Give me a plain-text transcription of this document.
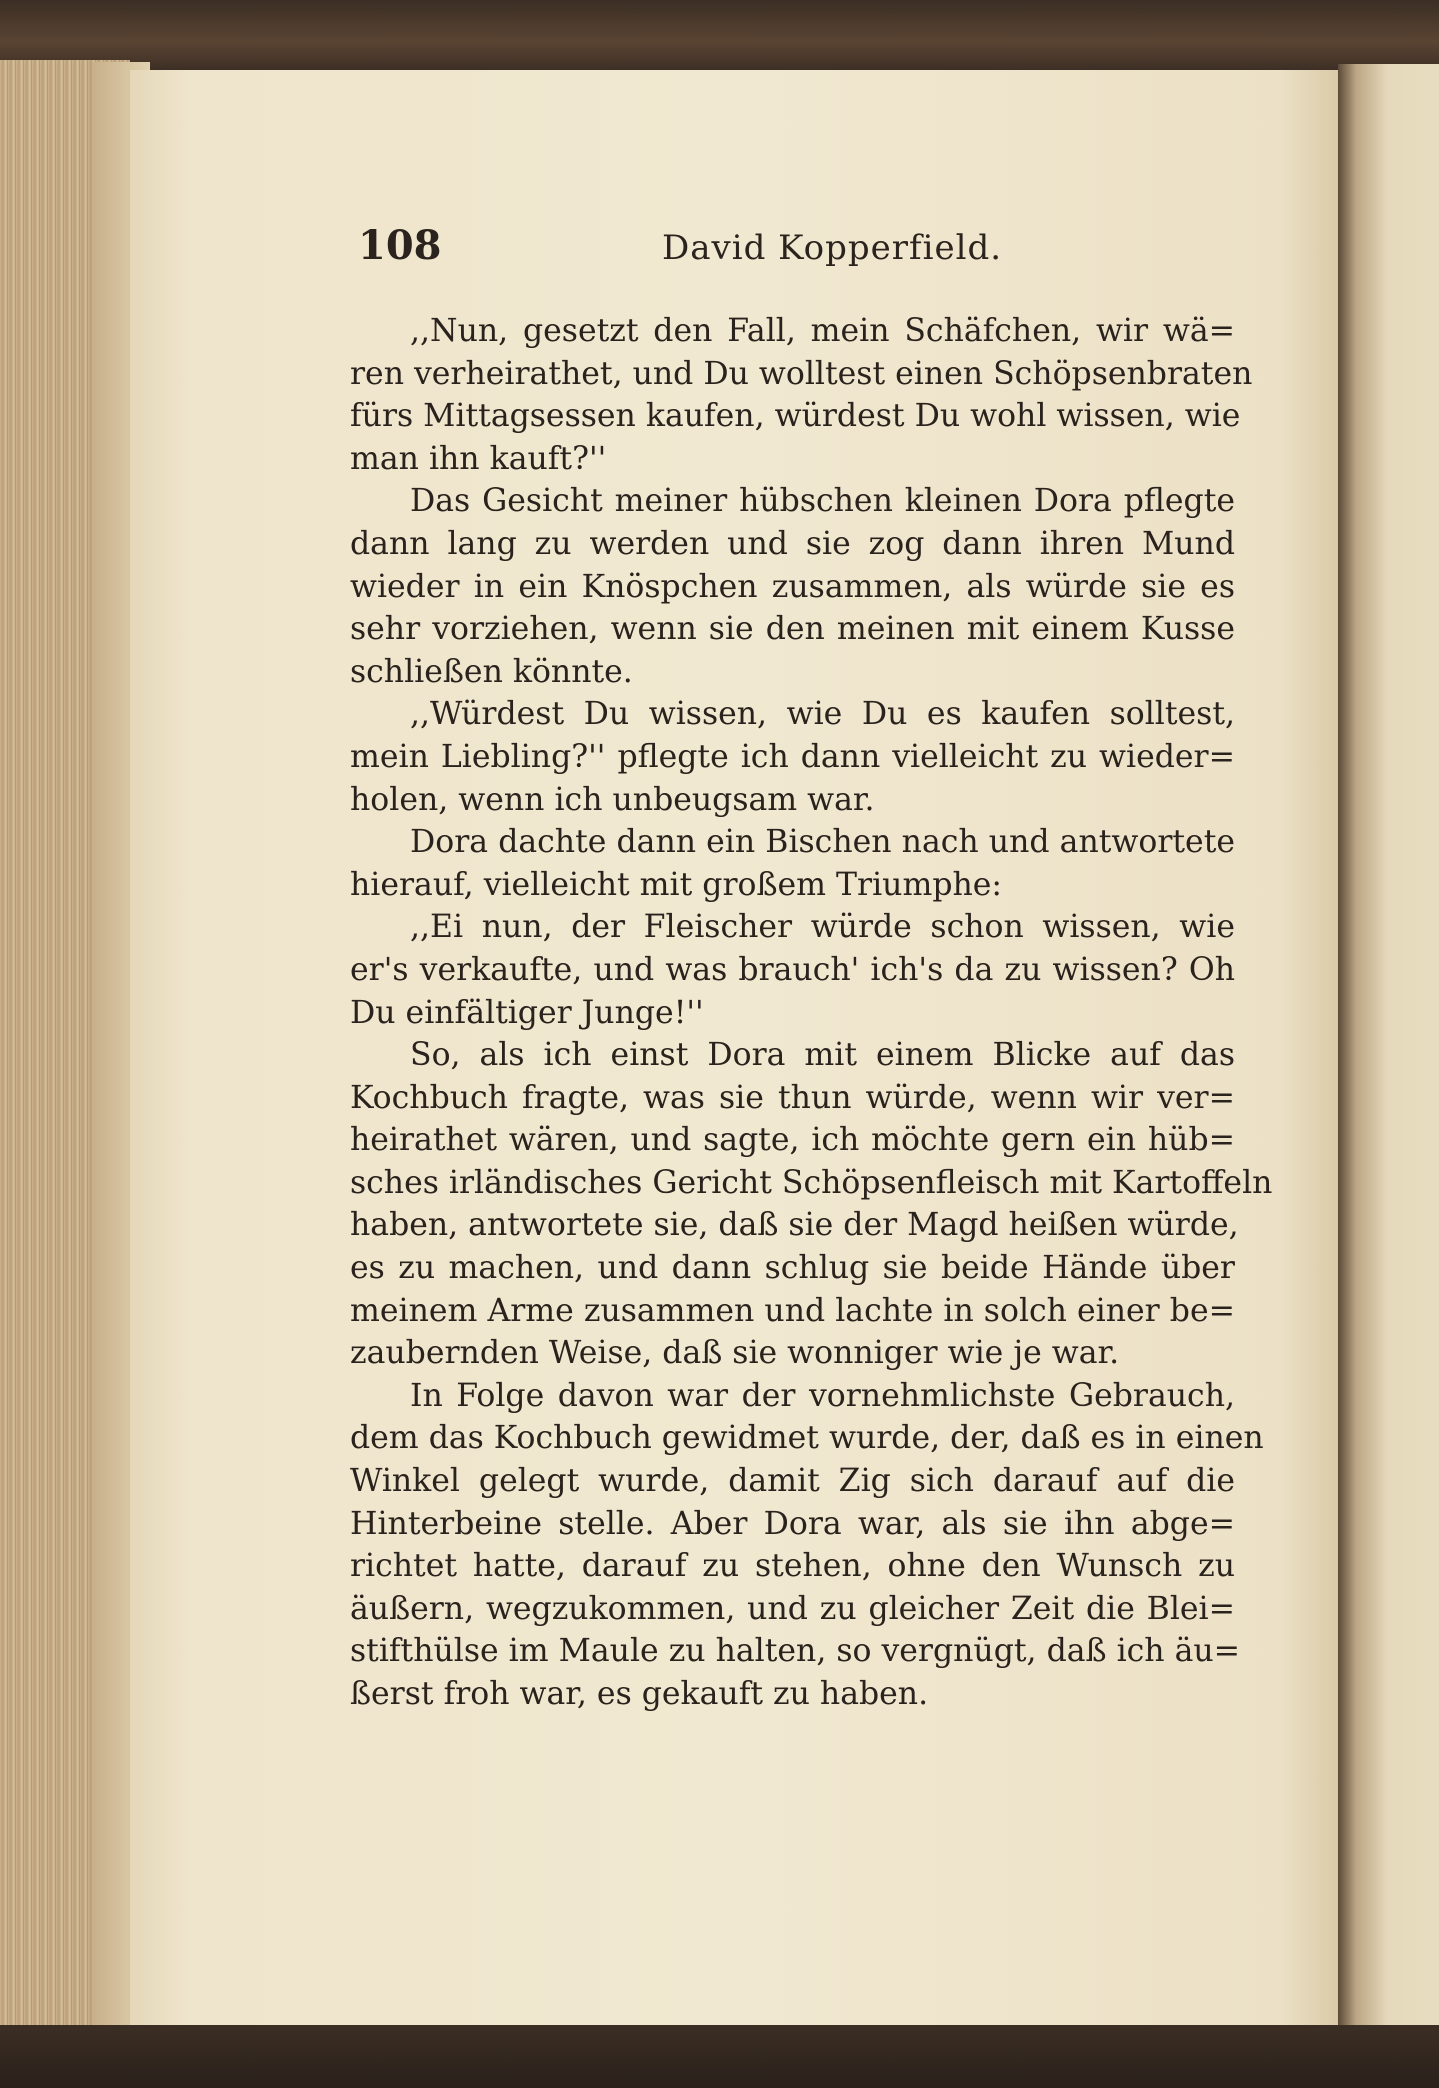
108	David Kopperfield.
,,Nun, gesetzt den Fall, mein Schäfchen, wir wä=
ren verheirathet, und Du wolltest einen Schöpsenbraten
fürs Mittagsessen kaufen, würdest Du wohl wissen, wie
man ihn kauft?''
Das Gesicht meiner hübschen kleinen Dora pflegte
dann lang zu werden und sie zog dann ihren Mund
wieder in ein Knöspchen zusammen, als würde sie es
sehr vorziehen, wenn sie den meinen mit einem Kusse
schließen könnte.
,,Würdest Du wissen, wie Du es kaufen solltest,
mein Liebling?'' pflegte ich dann vielleicht zu wieder=
holen, wenn ich unbeugsam war.
Dora dachte dann ein Bischen nach und antwortete
hierauf, vielleicht mit großem Triumphe:
,,Ei nun, der Fleischer würde schon wissen, wie
er's verkaufte, und was brauch' ich's da zu wissen? Oh
Du einfältiger Junge!''
So, als ich einst Dora mit einem Blicke auf das
Kochbuch fragte, was sie thun würde, wenn wir ver=
heirathet wären, und sagte, ich möchte gern ein hüb=
sches irländisches Gericht Schöpsenfleisch mit Kartoffeln
haben, antwortete sie, daß sie der Magd heißen würde,
es zu machen, und dann schlug sie beide Hände über
meinem Arme zusammen und lachte in solch einer be=
zaubernden Weise, daß sie wonniger wie je war.
In Folge davon war der vornehmlichste Gebrauch,
dem das Kochbuch gewidmet wurde, der, daß es in einen
Winkel gelegt wurde, damit Zig sich darauf auf die
Hinterbeine stelle. Aber Dora war, als sie ihn abge=
richtet hatte, darauf zu stehen, ohne den Wunsch zu
äußern, wegzukommen, und zu gleicher Zeit die Blei=
stifthülse im Maule zu halten, so vergnügt, daß ich äu=
ßerst froh war, es gekauft zu haben.
